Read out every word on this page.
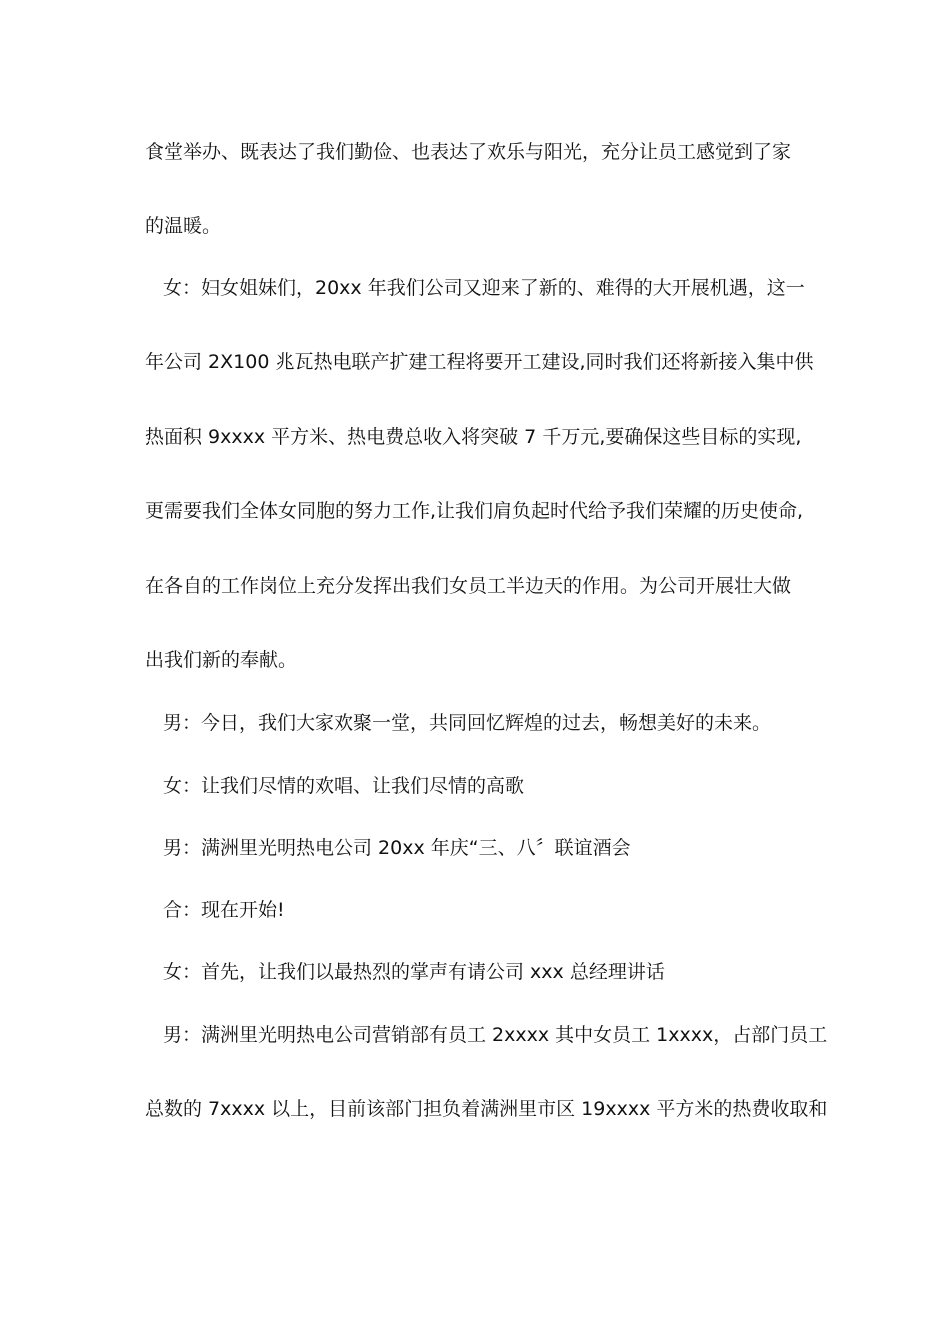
食堂举办、既表达了我们勤俭、也表达了欢乐与阳光，充分让员工感觉到了家
的温暖。
女：妇女姐妹们，20xx 年我们公司又迎来了新的、难得的大开展机遇，这一
年公司 2X100 兆瓦热电联产扩建工程将要开工建设,同时我们还将新接入集中供
热面积 9xxxx 平方米、热电费总收入将突破 7 千万元,要确保这些目标的实现,
更需要我们全体女同胞的努力工作,让我们肩负起时代给予我们荣耀的历史使命,
在各自的工作岗位上充分发挥出我们女员工半边天的作用。为公司开展壮大做
出我们新的奉献。
男：今日，我们大家欢聚一堂，共同回忆辉煌的过去，畅想美好的未来。
女：让我们尽情的欢唱、让我们尽情的高歌
男：满洲里光明热电公司 20xx 年庆“三、八〞联谊酒会
合：现在开始!
女：首先，让我们以最热烈的掌声有请公司 xxx 总经理讲话
男：满洲里光明热电公司营销部有员工 2xxxx 其中女员工 1xxxx，占部门员工
总数的 7xxxx 以上，目前该部门担负着满洲里市区 19xxxx 平方米的热费收取和
